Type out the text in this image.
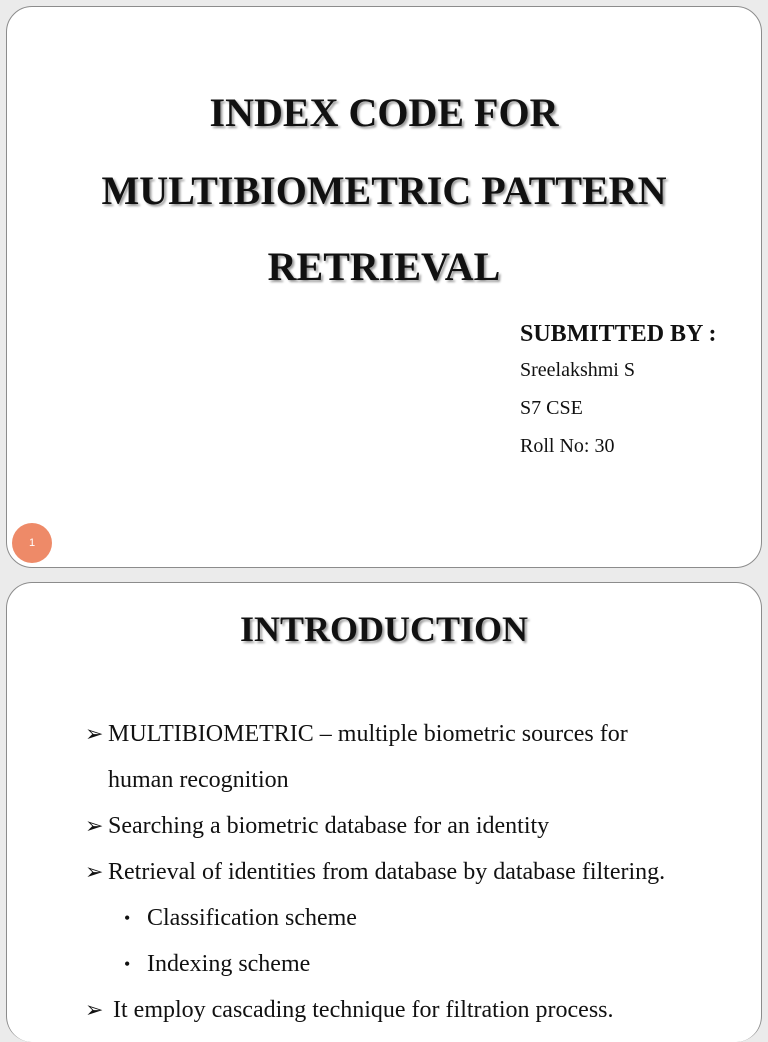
INDEX CODE FOR
MULTIBIOMETRIC PATTERN
RETRIEVAL
SUBMITTED BY :
Sreelakshmi S
S7 CSE
Roll No: 30
1
INTRODUCTION
➢ MULTIBIOMETRIC – multiple biometric sources for
human recognition
➢ Searching a biometric database for an identity
➢ Retrieval of identities from database by database filtering.
• Classification scheme
• Indexing scheme
➢ It employ cascading technique for filtration process.
